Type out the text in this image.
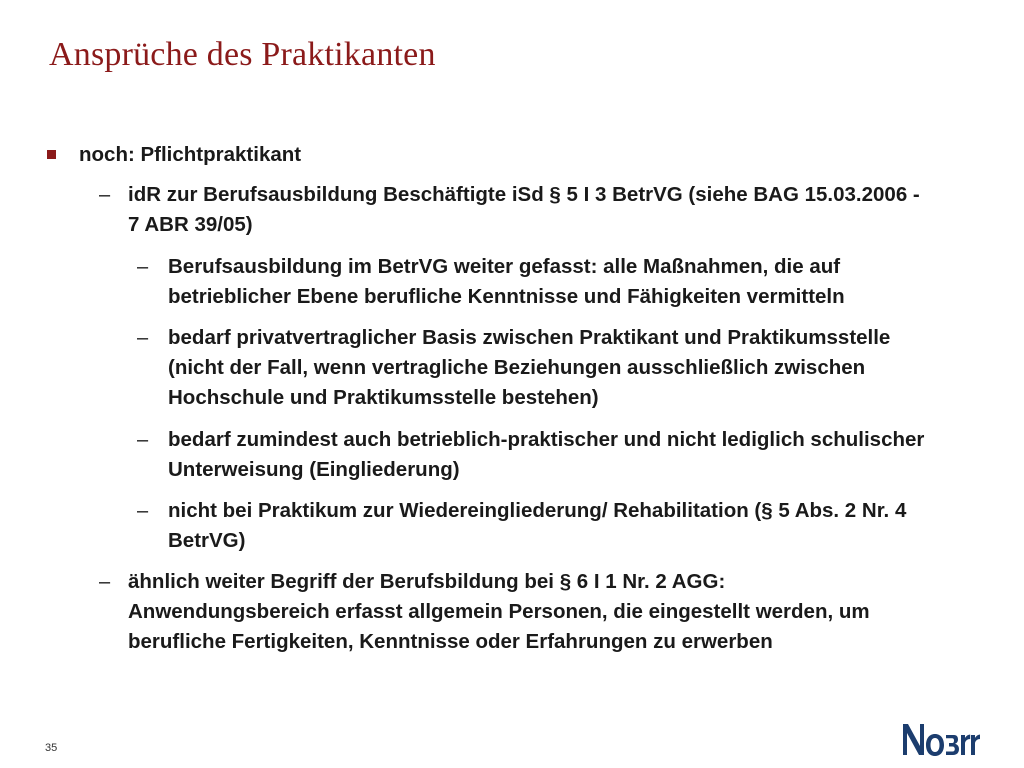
Ansprüche des Praktikanten
noch: Pflichtpraktikant
– idR zur Berufsausbildung Beschäftigte iSd § 5 I 3 BetrVG (siehe BAG 15.03.2006 -
7 ABR 39/05)
– Berufsausbildung im BetrVG weiter gefasst: alle Maßnahmen, die auf
betrieblicher Ebene berufliche Kenntnisse und Fähigkeiten vermitteln
– bedarf privatvertraglicher Basis zwischen Praktikant und Praktikumsstelle
(nicht der Fall, wenn vertragliche Beziehungen ausschließlich zwischen
Hochschule und Praktikumsstelle bestehen)
– bedarf zumindest auch betrieblich-praktischer und nicht lediglich schulischer
Unterweisung (Eingliederung)
– nicht bei Praktikum zur Wiedereingliederung/ Rehabilitation (§ 5 Abs. 2 Nr. 4
BetrVG)
– ähnlich weiter Begriff der Berufsbildung bei § 6 I 1 Nr. 2 AGG:
Anwendungsbereich erfasst allgemein Personen, die eingestellt werden, um
berufliche Fertigkeiten, Kenntnisse oder Erfahrungen zu erwerben
35
